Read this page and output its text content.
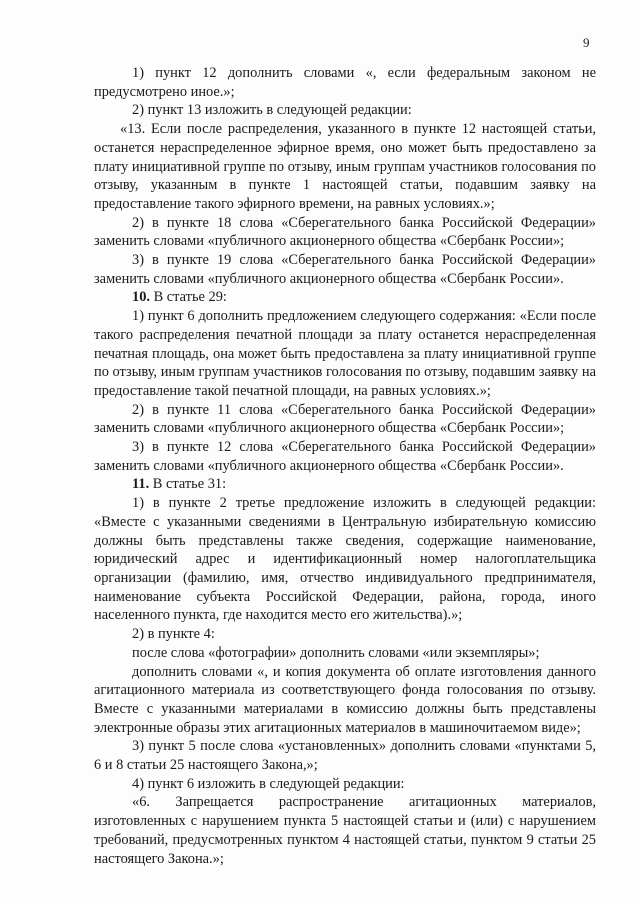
9

1) пункт 12 дополнить словами «, если федеральным законом не предусмотрено иное.»;

2) пункт 13 изложить в следующей редакции:

«13. Если после распределения, указанного в пункте 12 настоящей статьи, останется нераспределенное эфирное время, оно может быть предоставлено за плату инициативной группе по отзыву, иным группам участников голосования по отзыву, указанным в пункте 1 настоящей статьи, подавшим заявку на предоставление такого эфирного времени, на равных условиях.»;

2) в пункте 18 слова «Сберегательного банка Российской Федерации» заменить словами «публичного акционерного общества «Сбербанк России»;

3) в пункте 19 слова «Сберегательного банка Российской Федерации» заменить словами «публичного акционерного общества «Сбербанк России».

10. В статье 29:

1) пункт 6 дополнить предложением следующего содержания: «Если после такого распределения печатной площади за плату останется нераспределенная печатная площадь, она может быть предоставлена за плату инициативной группе по отзыву, иным группам участников голосования по отзыву, подавшим заявку на предоставление такой печатной площади, на равных условиях.»;

2) в пункте 11 слова «Сберегательного банка Российской Федерации» заменить словами «публичного акционерного общества «Сбербанк России»;

3) в пункте 12 слова «Сберегательного банка Российской Федерации» заменить словами «публичного акционерного общества «Сбербанк России».

11. В статье 31:

1) в пункте 2 третье предложение изложить в следующей редакции: «Вместе с указанными сведениями в Центральную избирательную комиссию должны быть представлены также сведения, содержащие наименование, юридический адрес и идентификационный номер налогоплательщика организации (фамилию, имя, отчество индивидуального предпринимателя, наименование субъекта Российской Федерации, района, города, иного населенного пункта, где находится место его жительства).»;

2) в пункте 4:

после слова «фотографии» дополнить словами «или экземпляры»;

дополнить словами «, и копия документа об оплате изготовления данного агитационного материала из соответствующего фонда голосования по отзыву. Вместе с указанными материалами в комиссию должны быть представлены электронные образы этих агитационных материалов в машиночитаемом виде»;

3) пункт 5 после слова «установленных» дополнить словами «пунктами 5, 6 и 8 статьи 25 настоящего Закона,»;

4) пункт 6 изложить в следующей редакции:

«6. Запрещается распространение агитационных материалов, изготовленных с нарушением пункта 5 настоящей статьи и (или) с нарушением требований, предусмотренных пунктом 4 настоящей статьи, пунктом 9 статьи 25 настоящего Закона.»;
